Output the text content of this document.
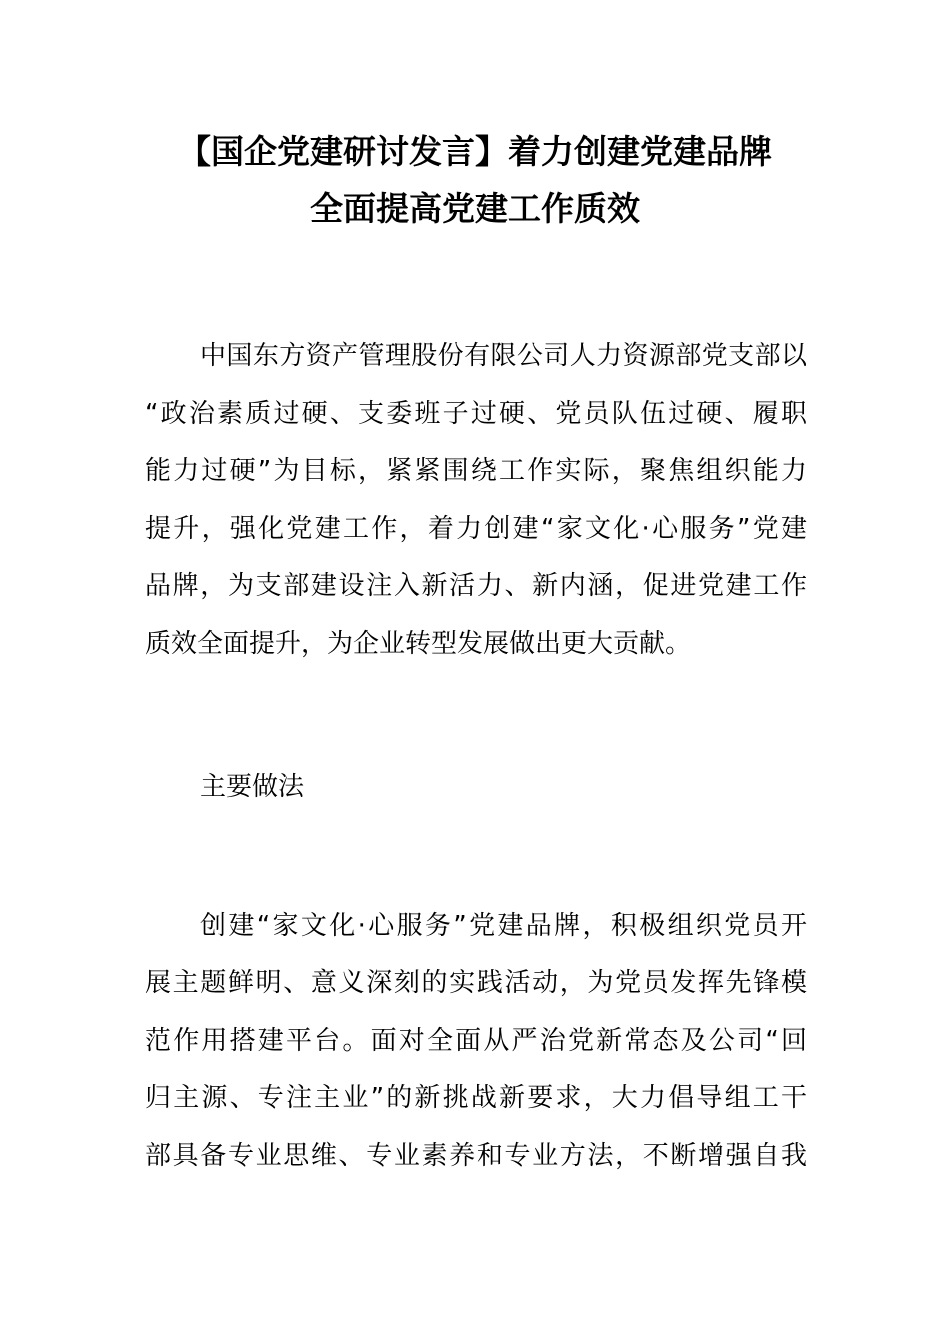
【国企党建研讨发言】着力创建党建品牌
全面提高党建工作质效
中国东方资产管理股份有限公司人力资源部党支部以
“政治素质过硬、支委班子过硬、党员队伍过硬、履职
能力过硬”为目标，紧紧围绕工作实际，聚焦组织能力
提升，强化党建工作，着力创建“家文化·心服务”党建
品牌，为支部建设注入新活力、新内涵，促进党建工作
质效全面提升，为企业转型发展做出更大贡献。
主要做法
创建“家文化·心服务”党建品牌，积极组织党员开
展主题鲜明、意义深刻的实践活动，为党员发挥先锋模
范作用搭建平台。面对全面从严治党新常态及公司“回
归主源、专注主业”的新挑战新要求，大力倡导组工干
部具备专业思维、专业素养和专业方法，不断增强自我
